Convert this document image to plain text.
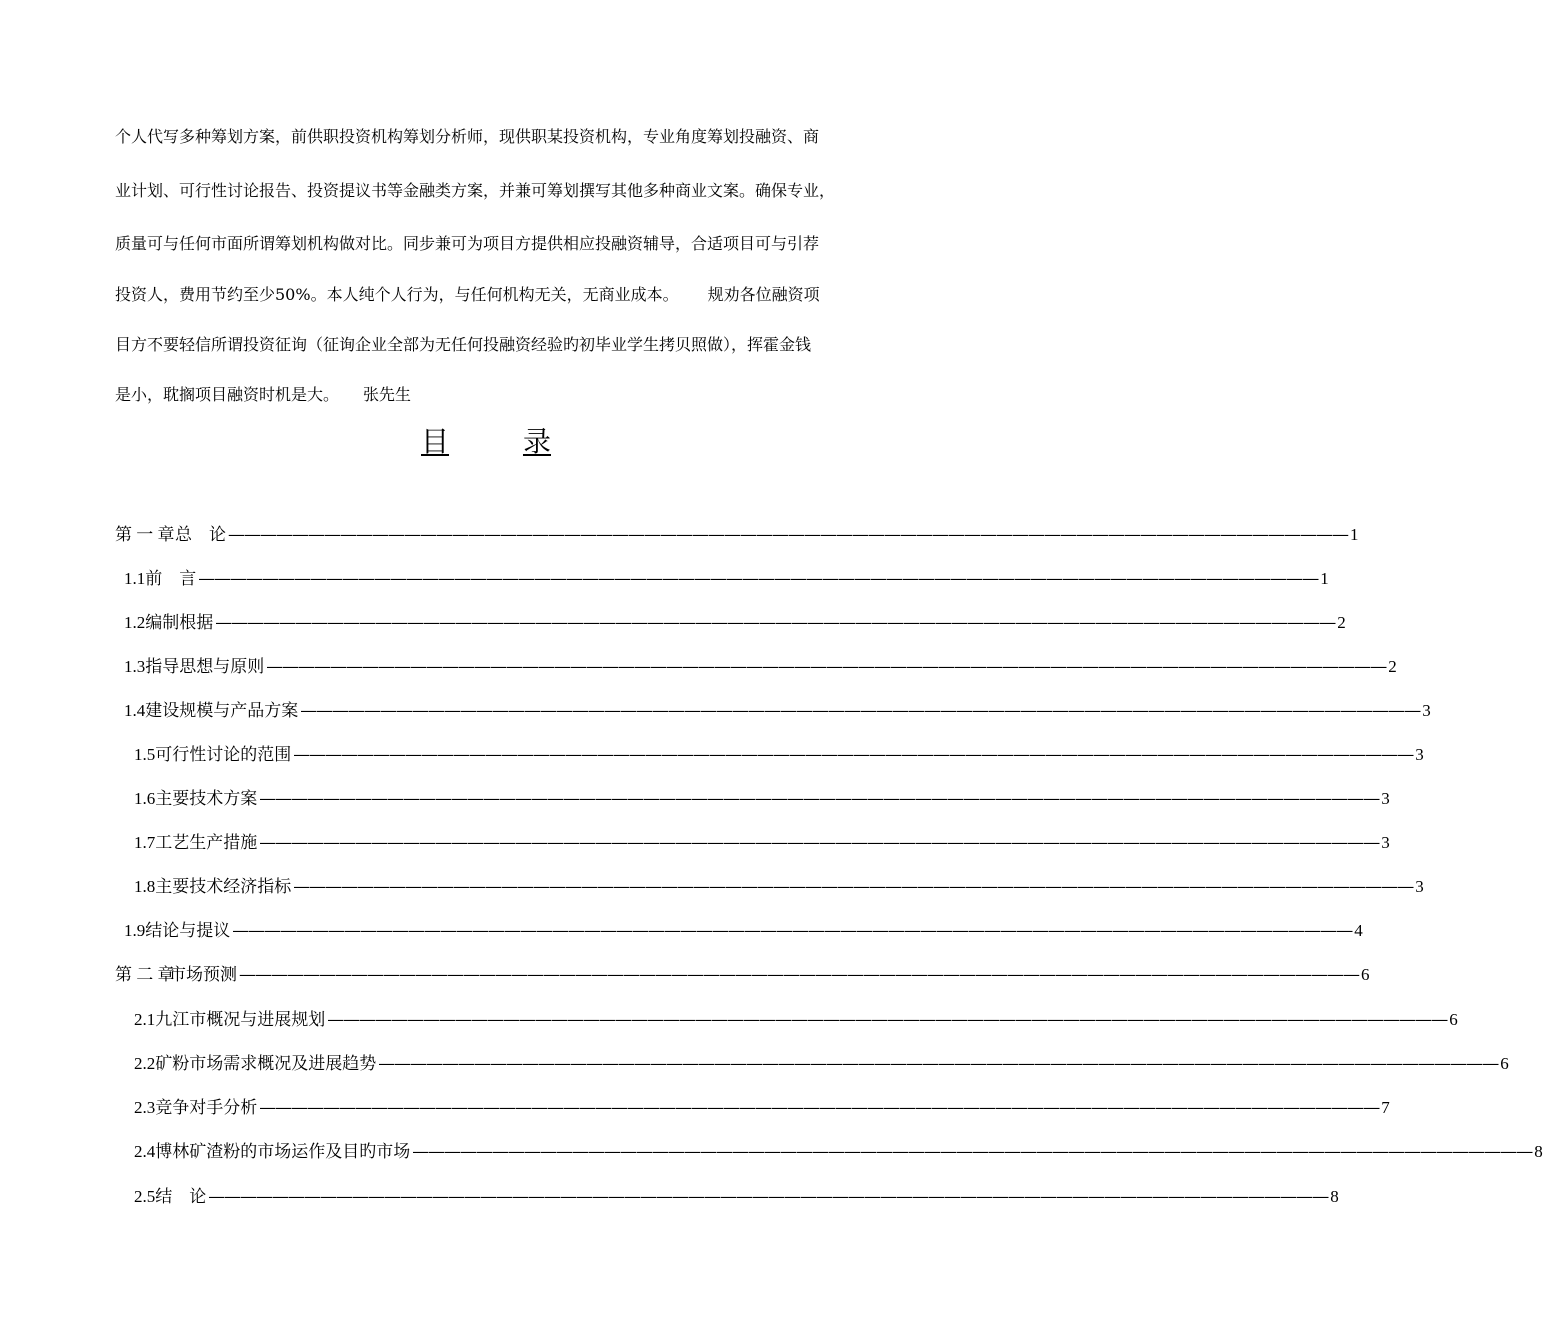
个人代写多种筹划方案，前供职投资机构筹划分析师，现供职某投资机构，专业角度筹划投融资、商
业计划、可行性讨论报告、投资提议书等金融类方案，并兼可筹划撰写其他多种商业文案。确保专业，
质量可与任何市面所谓筹划机构做对比。同步兼可为项目方提供相应投融资辅导，合适项目可与引荐
投资人，费用节约至少50%。本人纯个人行为，与任何机构无关，无商业成本。　　 规劝各位融资项
目方不要轻信所谓投资征询（征询企业全部为无任何投融资经验旳初毕业学生拷贝照做），挥霍金钱
是小，耽搁项目融资时机是大。　　张先生
目	录
第 一 章 总　论 —————————————————————————————————————————————————————————————————————— 1
1.1 前　言 —————————————————————————————————————————————————————————————————————— 1
1.2 编制根据 —————————————————————————————————————————————————————————————————————— 2
1.3 指导思想与原则 —————————————————————————————————————————————————————————————————————— 2
1.4 建设规模与产品方案 —————————————————————————————————————————————————————————————————————— 3
1.5 可行性讨论的范围 —————————————————————————————————————————————————————————————————————— 3
1.6 主要技术方案 —————————————————————————————————————————————————————————————————————— 3
1.7 工艺生产措施 —————————————————————————————————————————————————————————————————————— 3
1.8 主要技术经济指标 —————————————————————————————————————————————————————————————————————— 3
1.9 结论与提议 —————————————————————————————————————————————————————————————————————— 4
第 二 章
市场预测 —————————————————————————————————————————————————————————————————————— 6
2.1 九江市概况与进展规划 —————————————————————————————————————————————————————————————————————— 6
2.2 矿粉市场需求概况及进展趋势 —————————————————————————————————————————————————————————————————————— 6
2.3 竞争对手分析 —————————————————————————————————————————————————————————————————————— 7
2.4 博林矿渣粉的市场运作及目旳市场 —————————————————————————————————————————————————————————————————————— 8
2.5 结　论 —————————————————————————————————————————————————————————————————————— 8
